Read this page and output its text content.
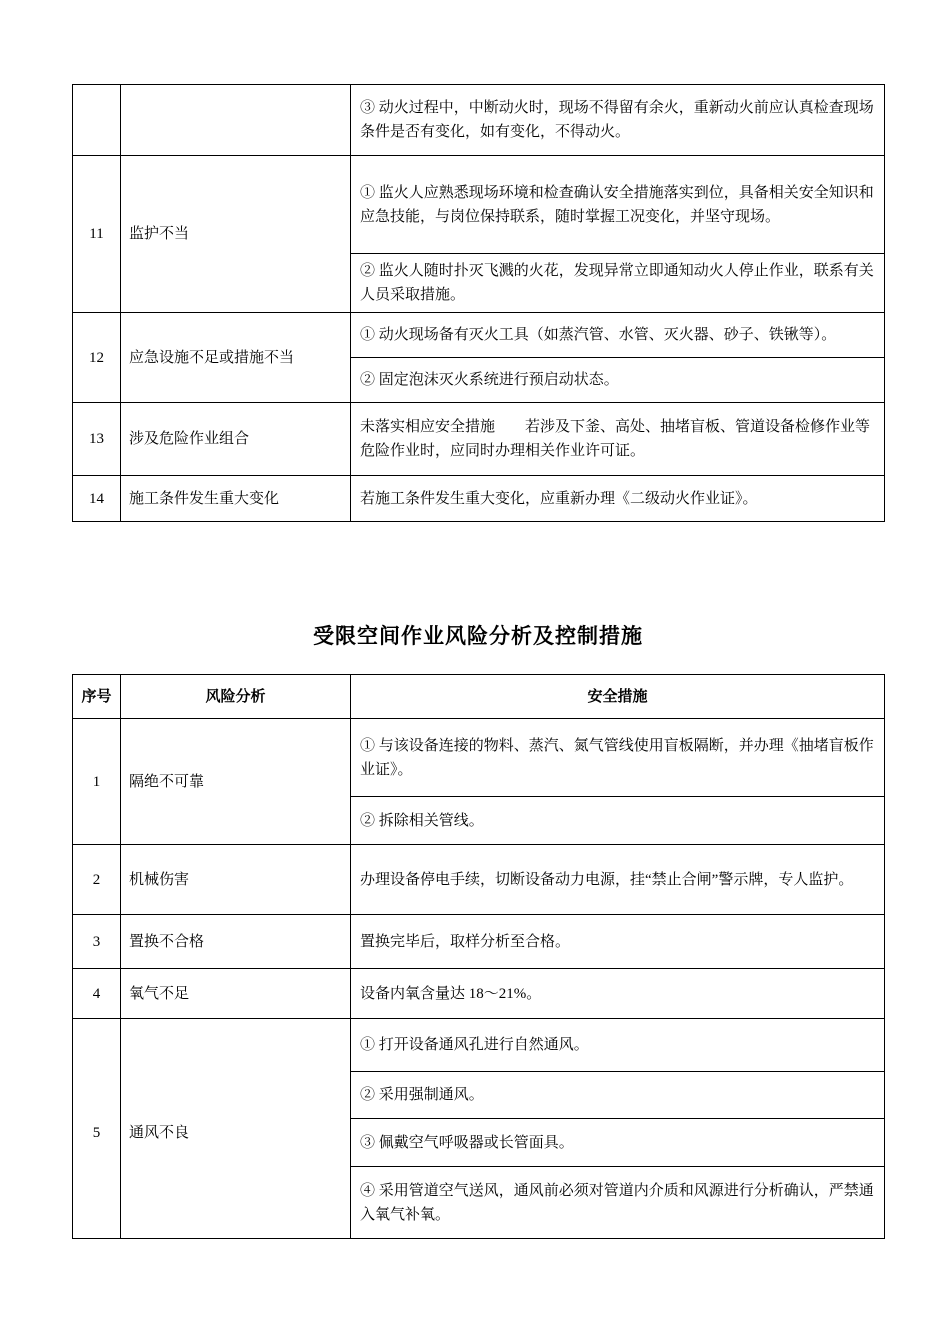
		③ 动火过程中，中断动火时，现场不得留有余火，重新动火前应认真检查现场条件是否有变化，如有变化，不得动火。
11	监护不当	① 监火人应熟悉现场环境和检查确认安全措施落实到位，具备相关安全知识和应急技能，与岗位保持联系，随时掌握工况变化，并坚守现场。
		② 监火人随时扑灭飞溅的火花，发现异常立即通知动火人停止作业，联系有关人员采取措施。
12	应急设施不足或措施不当	① 动火现场备有灭火工具（如蒸汽管、水管、灭火器、砂子、铁锹等）。
		② 固定泡沫灭火系统进行预启动状态。
13	涉及危险作业组合	未落实相应安全措施　　若涉及下釜、高处、抽堵盲板、管道设备检修作业等危险作业时，应同时办理相关作业许可证。
14	施工条件发生重大变化	若施工条件发生重大变化，应重新办理《二级动火作业证》。
受限空间作业风险分析及控制措施
序号	风险分析	安全措施
1	隔绝不可靠	① 与该设备连接的物料、蒸汽、氮气管线使用盲板隔断，并办理《抽堵盲板作业证》。
		② 拆除相关管线。
2	机械伤害	办理设备停电手续，切断设备动力电源，挂“禁止合闸”警示牌，专人监护。
3	置换不合格	置换完毕后，取样分析至合格。
4	氧气不足	设备内氧含量达 18～21%。
5	通风不良	① 打开设备通风孔进行自然通风。
		② 采用强制通风。
		③ 佩戴空气呼吸器或长管面具。
		④ 采用管道空气送风，通风前必须对管道内介质和风源进行分析确认，严禁通入氧气补氧。
